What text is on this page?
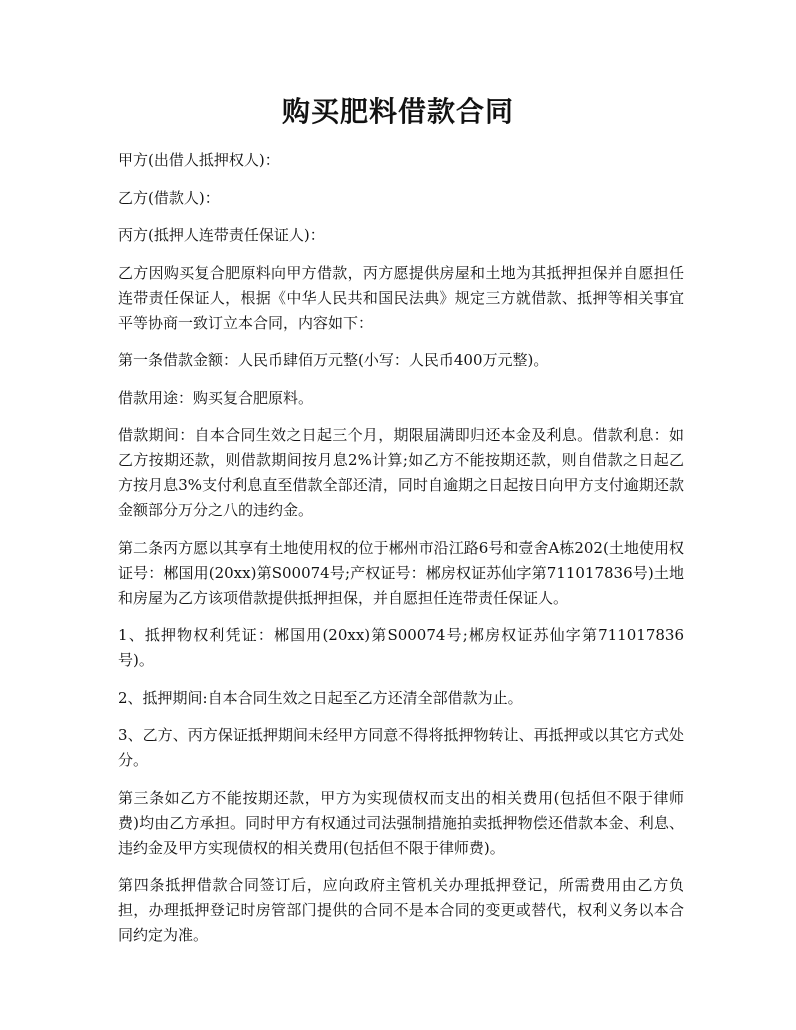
购买肥料借款合同

甲方(出借人抵押权人)：

乙方(借款人)：

丙方(抵押人连带责任保证人)：

乙方因购买复合肥原料向甲方借款，丙方愿提供房屋和土地为其抵押担保并自愿担任连带责任保证人，根据《中华人民共和国民法典》规定三方就借款、抵押等相关事宜平等协商一致订立本合同，内容如下：

第一条借款金额：人民币肆佰万元整(小写：人民币400万元整)。

借款用途：购买复合肥原料。

借款期间：自本合同生效之日起三个月，期限届满即归还本金及利息。借款利息：如乙方按期还款，则借款期间按月息2%计算;如乙方不能按期还款，则自借款之日起乙方按月息3%支付利息直至借款全部还清，同时自逾期之日起按日向甲方支付逾期还款金额部分万分之八的违约金。

第二条丙方愿以其享有土地使用权的位于郴州市沿江路6号和壹舍A栋202(土地使用权证号：郴国用(20xx)第S00074号;产权证号：郴房权证苏仙字第711017836号)土地和房屋为乙方该项借款提供抵押担保，并自愿担任连带责任保证人。

1、抵押物权利凭证：郴国用(20xx)第S00074号;郴房权证苏仙字第711017836号)。

2、抵押期间:自本合同生效之日起至乙方还清全部借款为止。

3、乙方、丙方保证抵押期间未经甲方同意不得将抵押物转让、再抵押或以其它方式处分。

第三条如乙方不能按期还款，甲方为实现债权而支出的相关费用(包括但不限于律师费)均由乙方承担。同时甲方有权通过司法强制措施拍卖抵押物偿还借款本金、利息、违约金及甲方实现债权的相关费用(包括但不限于律师费)。

第四条抵押借款合同签订后，应向政府主管机关办理抵押登记，所需费用由乙方负担，办理抵押登记时房管部门提供的合同不是本合同的变更或替代，权利义务以本合同约定为准。
